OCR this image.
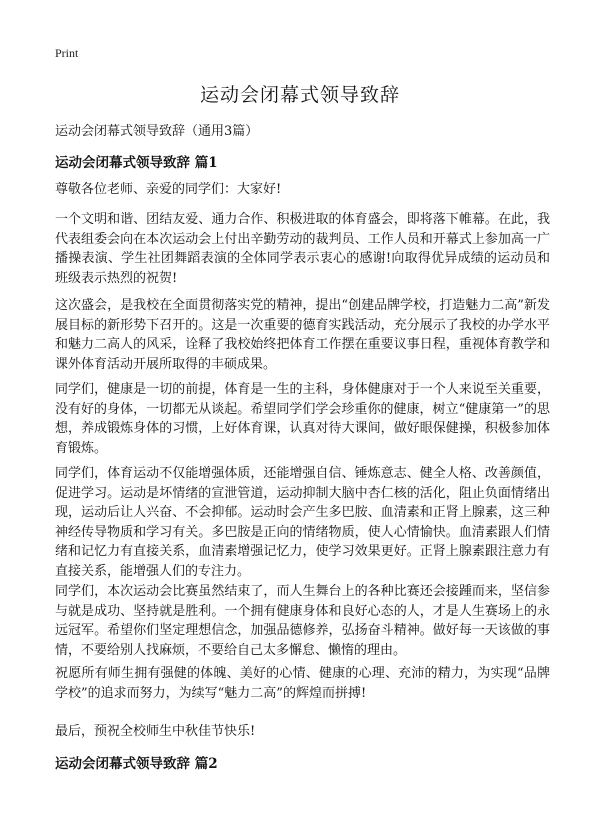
Print
运动会闭幕式领导致辞

运动会闭幕式领导致辞（通用3篇）

运动会闭幕式领导致辞 篇1

尊敬各位老师、亲爱的同学们：大家好!

一个文明和谐、团结友爱、通力合作、积极进取的体育盛会，即将落下帷幕。在此，我代表组委会向在本次运动会上付出辛勤劳动的裁判员、工作人员和开幕式上参加高一广播操表演、学生社团舞蹈表演的全体同学表示衷心的感谢!向取得优异成绩的运动员和班级表示热烈的祝贺!

这次盛会，是我校在全面贯彻落实党的精神，提出“创建品牌学校，打造魅力二高”新发展目标的新形势下召开的。这是一次重要的德育实践活动，充分展示了我校的办学水平和魅力二高人的风采，诠释了我校始终把体育工作摆在重要议事日程，重视体育教学和课外体育活动开展所取得的丰硕成果。

同学们，健康是一切的前提，体育是一生的主科，身体健康对于一个人来说至关重要，没有好的身体，一切都无从谈起。希望同学们学会珍重你的健康，树立“健康第一”的思想，养成锻炼身体的习惯，上好体育课，认真对待大课间，做好眼保健操，积极参加体育锻炼。

同学们，体育运动不仅能增强体质，还能增强自信、锤炼意志、健全人格、改善颜值，促进学习。运动是坏情绪的宣泄管道，运动抑制大脑中杏仁核的活化，阻止负面情绪出现，运动后让人兴奋、不会抑郁。运动时会产生多巴胺、血清素和正肾上腺素，这三种神经传导物质和学习有关。多巴胺是正向的情绪物质，使人心情愉快。血清素跟人们情绪和记忆力有直接关系，血清素增强记忆力，使学习效果更好。正肾上腺素跟注意力有直接关系，能增强人们的专注力。

同学们，本次运动会比赛虽然结束了，而人生舞台上的各种比赛还会接踵而来，坚信参与就是成功、坚持就是胜利。一个拥有健康身体和良好心态的人，才是人生赛场上的永远冠军。希望你们坚定理想信念，加强品德修养，弘扬奋斗精神。做好每一天该做的事情，不要给别人找麻烦，不要给自己太多懈怠、懒惰的理由。

祝愿所有师生拥有强健的体魄、美好的心情、健康的心理、充沛的精力，为实现“品牌学校”的追求而努力，为续写“魅力二高”的辉煌而拼搏!

最后，预祝全校师生中秋佳节快乐!

运动会闭幕式领导致辞 篇2
